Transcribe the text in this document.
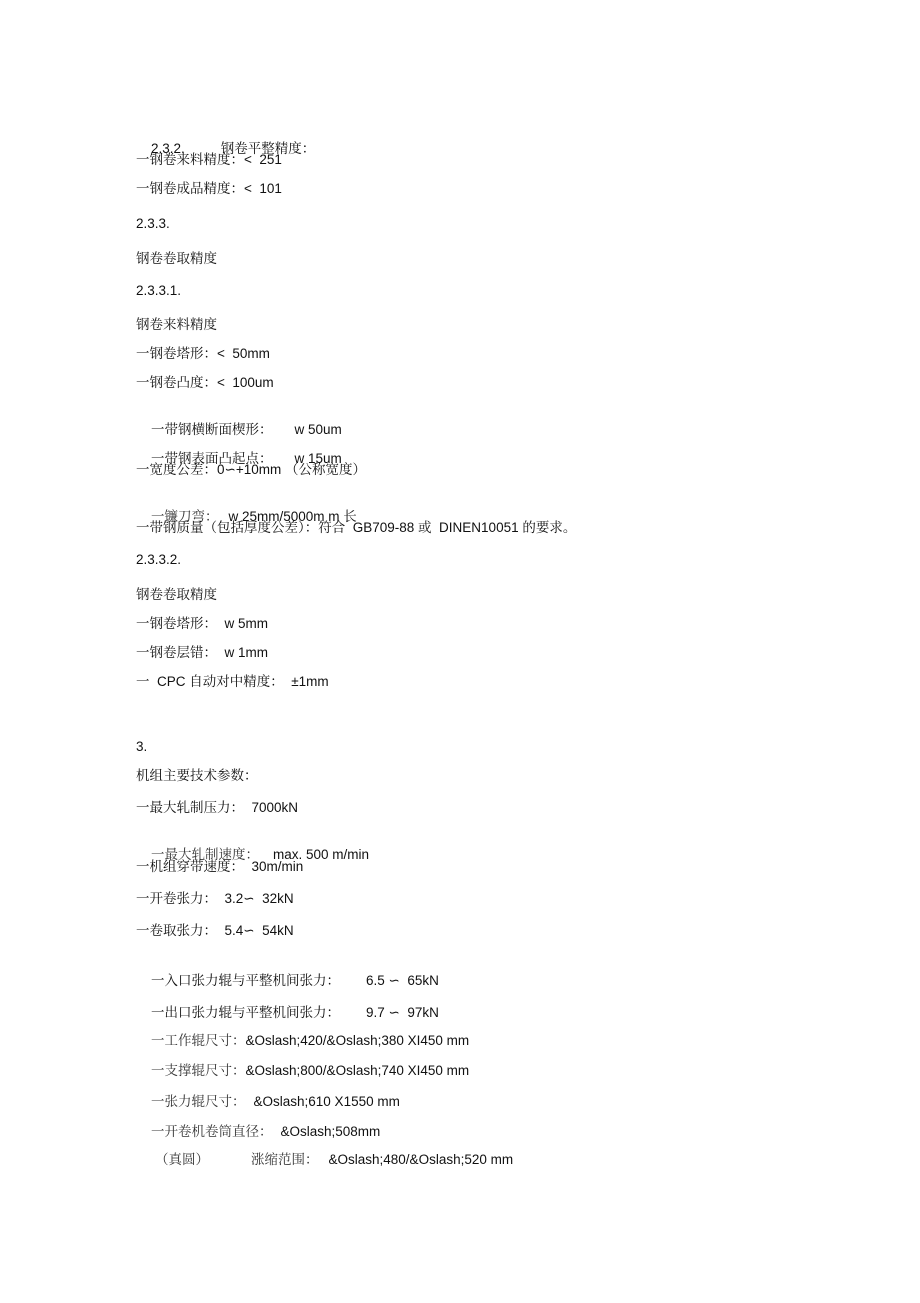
2.3.2.	钢卷平整精度：

一钢卷来料精度：<  251
一钢卷成品精度：<  101
2.3.3.
钢卷卷取精度
2.3.3.1.
钢卷来料精度
一钢卷塔形：<  50mm
一钢卷凸度：<  100um

一带钢横断面楔形： w 50um

一带钢表面凸起点： w 15um

一宽度公差：0∽+10mm （公称宽度）

一镰刀弯： w 25mm/5000m m 长

一带钢质量（包括厚度公差）：符合  GB709-88 或  DINEN10051 的要求。
2.3.3.2.
钢卷卷取精度
一钢卷塔形：  w 5mm
一钢卷层错：  w 1mm
一  CPC 自动对中精度：  ±1mm
3.
机组主要技术参数：
一最大轧制压力：  7000kN

一最大轧制速度： max. 500 m/min

一机组穿带速度：  30m/min
一开卷张力：  3.2∽  32kN
一卷取张力：  5.4∽  54kN

一入口张力辊与平整机间张力： 6.5 ∽  65kN

一出口张力辊与平整机间张力： 9.7 ∽  97kN

一工作辊尺寸：&Oslash;420/&Oslash;380 XI450 mm

一支撑辊尺寸：&Oslash;800/&Oslash;740 XI450 mm

一张力辊尺寸： &Oslash;610 X1550 mm

一开卷机卷筒直径： &Oslash;508mm

（真圆）	涨缩范围： &Oslash;480/&Oslash;520 mm
